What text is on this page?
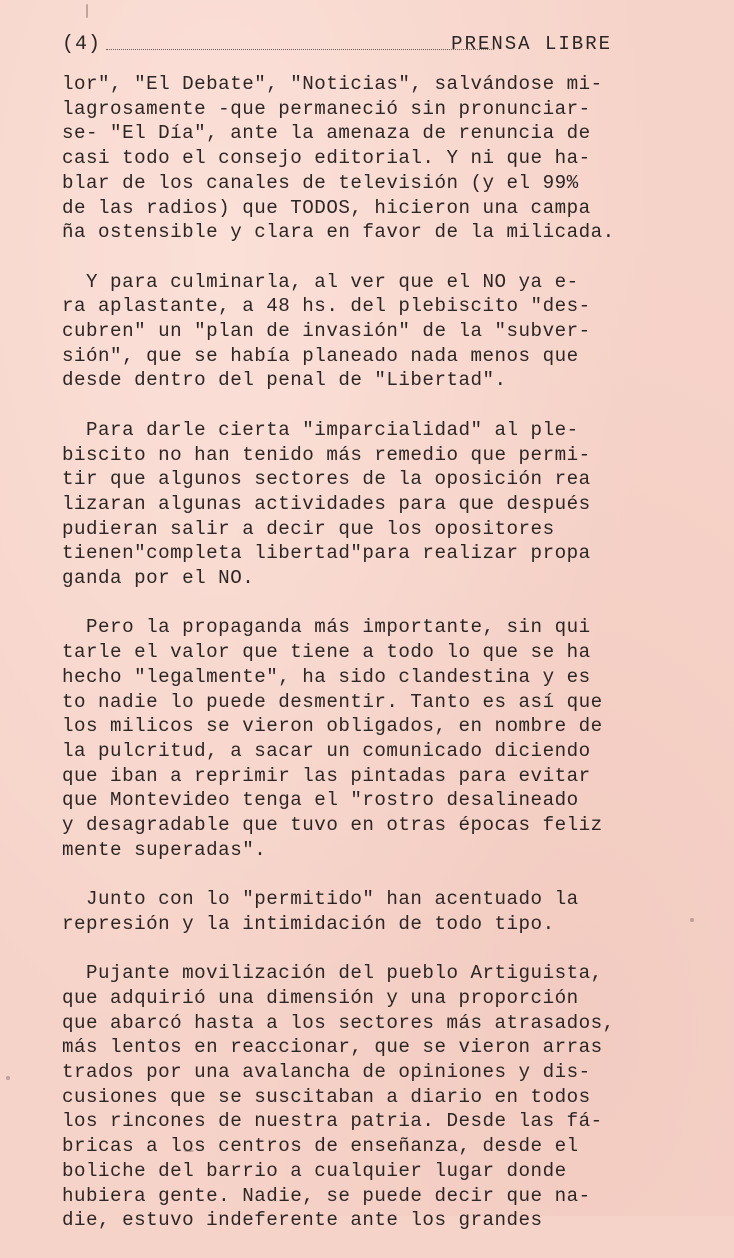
(4)	PRENSA LIBRE
lor", "El Debate", "Noticias", salvándose mi-
lagrosamente -que permaneció sin pronunciar-
se- "El Día", ante la amenaza de renuncia de
casi todo el consejo editorial. Y ni que ha-
blar de los canales de televisión (y el 99%
de las radios) que TODOS, hicieron una campa
ña ostensible y clara en favor de la milicada.
Y para culminarla, al ver que el NO ya e-
ra aplastante, a 48 hs. del plebiscito "des-
cubren" un "plan de invasión" de la "subver-
sión", que se había planeado nada menos que
desde dentro del penal de "Libertad".
Para darle cierta "imparcialidad" al ple-
biscito no han tenido más remedio que permi-
tir que algunos sectores de la oposición rea
lizaran algunas actividades para que después
pudieran salir a decir que los opositores
tienen"completa libertad"para realizar propa
ganda por el NO.
Pero la propaganda más importante, sin qui
tarle el valor que tiene a todo lo que se ha
hecho "legalmente", ha sido clandestina y es
to nadie lo puede desmentir. Tanto es así que
los milicos se vieron obligados, en nombre de
la pulcritud, a sacar un comunicado diciendo
que iban a reprimir las pintadas para evitar
que Montevideo tenga el "rostro desalineado
y desagradable que tuvo en otras épocas feliz
mente superadas".
Junto con lo "permitido" han acentuado la
represión y la intimidación de todo tipo.
Pujante movilización del pueblo Artiguista,
que adquirió una dimensión y una proporción
que abarcó hasta a los sectores más atrasados,
más lentos en reaccionar, que se vieron arras
trados por una avalancha de opiniones y dis-
cusiones que se suscitaban a diario en todos
los rincones de nuestra patria. Desde las fá-
bricas a los centros de enseñanza, desde el
boliche del barrio a cualquier lugar donde
hubiera gente. Nadie, se puede decir que na-
die, estuvo indeferente ante los grandes
